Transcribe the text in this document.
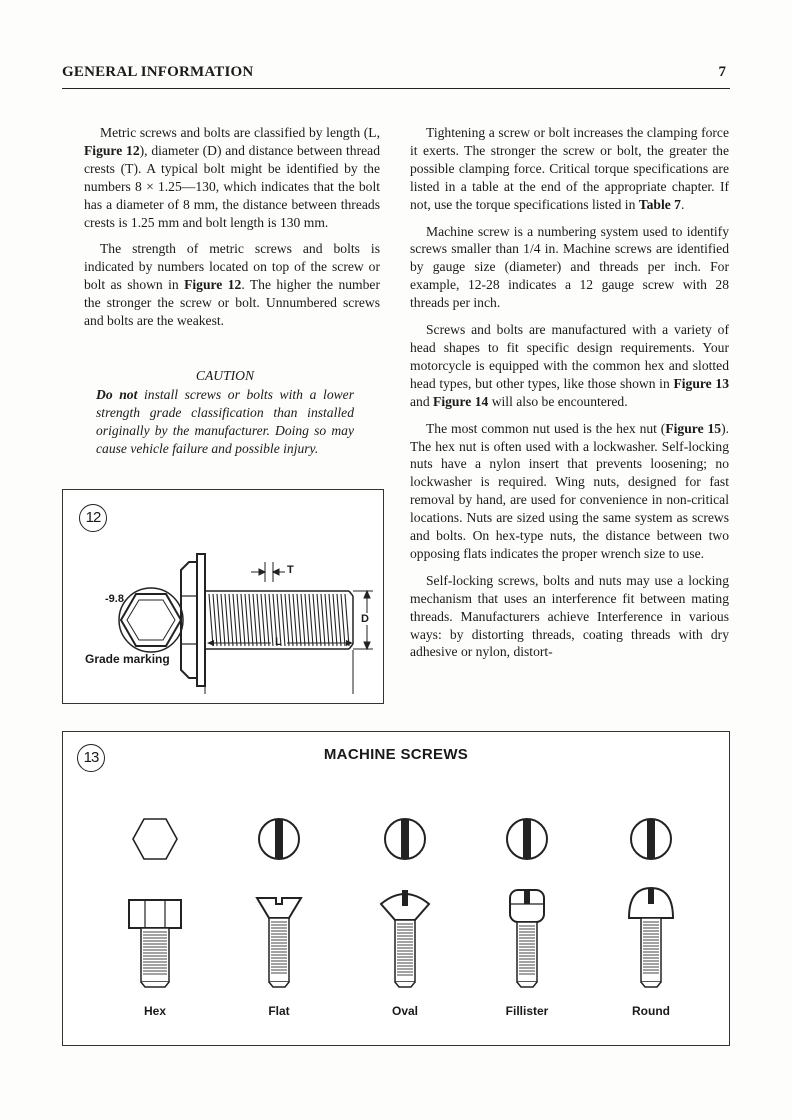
GENERAL INFORMATION	7

Metric screws and bolts are classified by length (L, Figure 12), diameter (D) and distance between thread crests (T). A typical bolt might be identified by the numbers 8 × 1.25—130, which indicates that the bolt has a diameter of 8 mm, the distance between threads crests is 1.25 mm and bolt length is 130 mm.

The strength of metric screws and bolts is indicated by numbers located on top of the screw or bolt as shown in Figure 12. The higher the number the stronger the screw or bolt. Unnumbered screws and bolts are the weakest.

CAUTION
Do not install screws or bolts with a lower strength grade classification than installed originally by the manufacturer. Doing so may cause vehicle failure and possible injury.
12
-9.8
Grade marking
T
D
L

Tightening a screw or bolt increases the clamping force it exerts. The stronger the screw or bolt, the greater the possible clamping force. Critical torque specifications are listed in a table at the end of the appropriate chapter. If not, use the torque specifications listed in Table 7.

Machine screw is a numbering system used to identify screws smaller than 1/4 in. Machine screws are identified by gauge size (diameter) and threads per inch. For example, 12-28 indicates a 12 gauge screw with 28 threads per inch.

Screws and bolts are manufactured with a variety of head shapes to fit specific design requirements. Your motorcycle is equipped with the common hex and slotted head types, but other types, like those shown in Figure 13 and Figure 14 will also be encountered.

The most common nut used is the hex nut (Figure 15). The hex nut is often used with a lockwasher. Self-locking nuts have a nylon insert that prevents loosening; no lockwasher is required. Wing nuts, designed for fast removal by hand, are used for convenience in non-critical locations. Nuts are sized using the same system as screws and bolts. On hex-type nuts, the distance between two opposing flats indicates the proper wrench size to use.

Self-locking screws, bolts and nuts may use a locking mechanism that uses an interference fit between mating threads. Manufacturers achieve Interference in various ways: by distorting threads, coating threads with dry adhesive or nylon, distort-

13	MACHINE SCREWS
Hex	Flat	Oval	Fillister	Round
